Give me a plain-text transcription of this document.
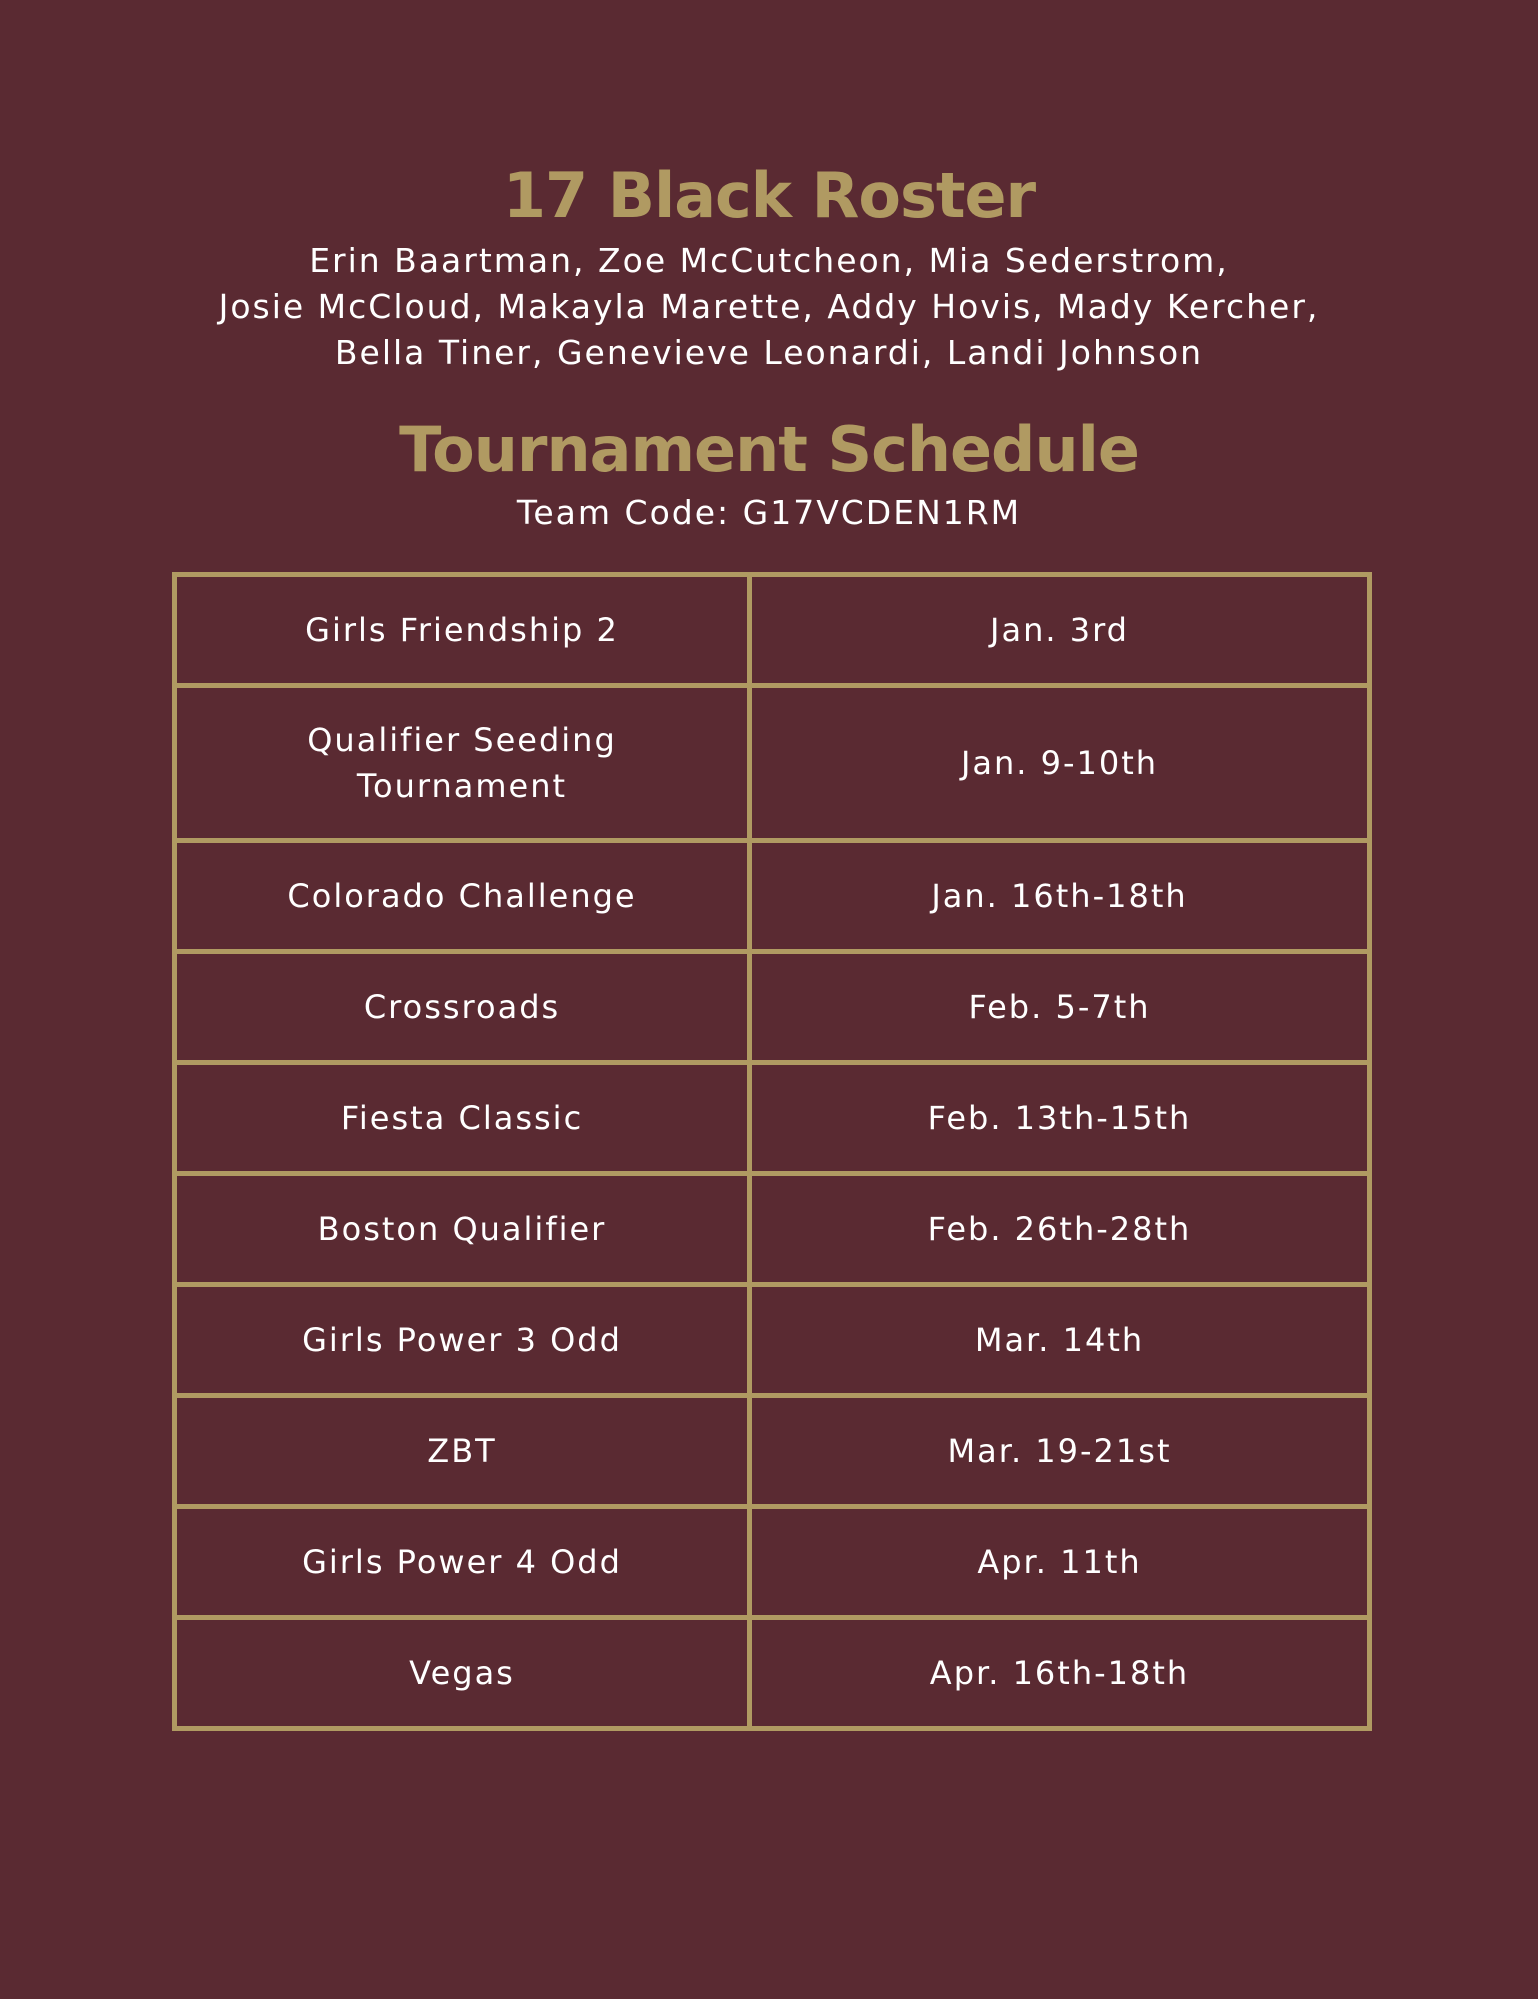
17 Black Roster

Erin Baartman, Zoe McCutcheon, Mia Sederstrom,
Josie McCloud, Makayla Marette, Addy Hovis, Mady Kercher,
Bella Tiner, Genevieve Leonardi, Landi Johnson

Tournament Schedule
Team Code: G17VCDEN1RM
Girls Friendship 2	Jan. 3rd
Qualifier Seeding Tournament	Jan. 9-10th
Colorado Challenge	Jan. 16th-18th
Crossroads	Feb. 5-7th
Fiesta Classic	Feb. 13th-15th
Boston Qualifier	Feb. 26th-28th
Girls Power 3 Odd	Mar. 14th
ZBT	Mar. 19-21st
Girls Power 4 Odd	Apr. 11th
Vegas	Apr. 16th-18th
